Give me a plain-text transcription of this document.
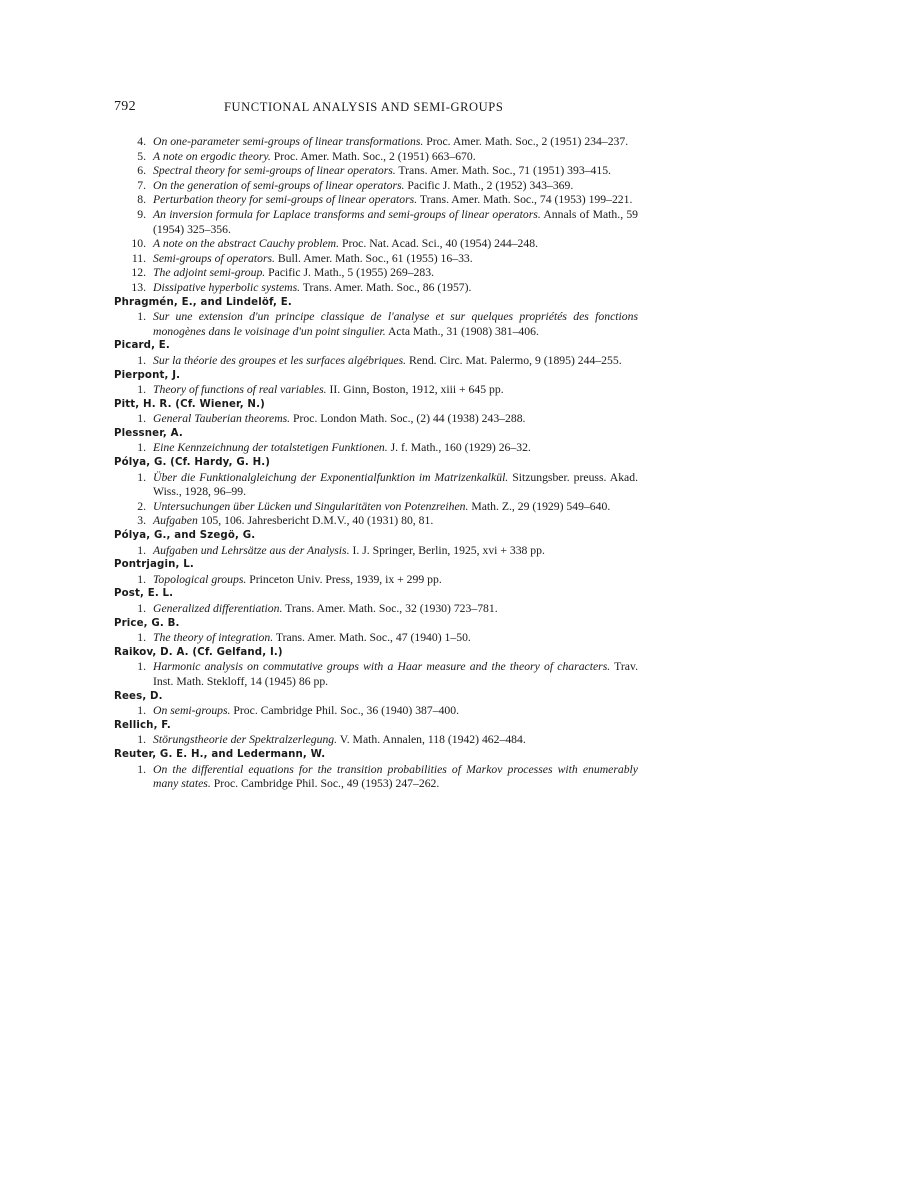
792	FUNCTIONAL ANALYSIS AND SEMI-GROUPS
4. On one-parameter semi-groups of linear transformations. Proc. Amer. Math. Soc., 2 (1951) 234–237.
5. A note on ergodic theory. Proc. Amer. Math. Soc., 2 (1951) 663–670.
6. Spectral theory for semi-groups of linear operators. Trans. Amer. Math. Soc., 71 (1951) 393–415.
7. On the generation of semi-groups of linear operators. Pacific J. Math., 2 (1952) 343–369.
8. Perturbation theory for semi-groups of linear operators. Trans. Amer. Math. Soc., 74 (1953) 199–221.
9. An inversion formula for Laplace transforms and semi-groups of linear operators. Annals of Math., 59 (1954) 325–356.
10. A note on the abstract Cauchy problem. Proc. Nat. Acad. Sci., 40 (1954) 244–248.
11. Semi-groups of operators. Bull. Amer. Math. Soc., 61 (1955) 16–33.
12. The adjoint semi-group. Pacific J. Math., 5 (1955) 269–283.
13. Dissipative hyperbolic systems. Trans. Amer. Math. Soc., 86 (1957).
Phragmén, E., and Lindelöf, E.
1. Sur une extension d'un principe classique de l'analyse et sur quelques propriétés des fonctions monogènes dans le voisinage d'un point singulier. Acta Math., 31 (1908) 381–406.
Picard, E.
1. Sur la théorie des groupes et les surfaces algébriques. Rend. Circ. Mat. Palermo, 9 (1895) 244–255.
Pierpont, J.
1. Theory of functions of real variables. II. Ginn, Boston, 1912, xiii + 645 pp.
Pitt, H. R. (Cf. Wiener, N.)
1. General Tauberian theorems. Proc. London Math. Soc., (2) 44 (1938) 243–288.
Plessner, A.
1. Eine Kennzeichnung der totalstetigen Funktionen. J. f. Math., 160 (1929) 26–32.
Pólya, G. (Cf. Hardy, G. H.)
1. Über die Funktionalgleichung der Exponentialfunktion im Matrizenkalkül. Sitzungsber. preuss. Akad. Wiss., 1928, 96–99.
2. Untersuchungen über Lücken und Singularitäten von Potenzreihen. Math. Z., 29 (1929) 549–640.
3. Aufgaben 105, 106. Jahresbericht D.M.V., 40 (1931) 80, 81.
Pólya, G., and Szegö, G.
1. Aufgaben und Lehrsätze aus der Analysis. I. J. Springer, Berlin, 1925, xvi + 338 pp.
Pontrjagin, L.
1. Topological groups. Princeton Univ. Press, 1939, ix + 299 pp.
Post, E. L.
1. Generalized differentiation. Trans. Amer. Math. Soc., 32 (1930) 723–781.
Price, G. B.
1. The theory of integration. Trans. Amer. Math. Soc., 47 (1940) 1–50.
Raikov, D. A. (Cf. Gelfand, I.)
1. Harmonic analysis on commutative groups with a Haar measure and the theory of characters. Trav. Inst. Math. Stekloff, 14 (1945) 86 pp.
Rees, D.
1. On semi-groups. Proc. Cambridge Phil. Soc., 36 (1940) 387–400.
Rellich, F.
1. Störungstheorie der Spektralzerlegung. V. Math. Annalen, 118 (1942) 462–484.
Reuter, G. E. H., and Ledermann, W.
1. On the differential equations for the transition probabilities of Markov processes with enumerably many states. Proc. Cambridge Phil. Soc., 49 (1953) 247–262.
